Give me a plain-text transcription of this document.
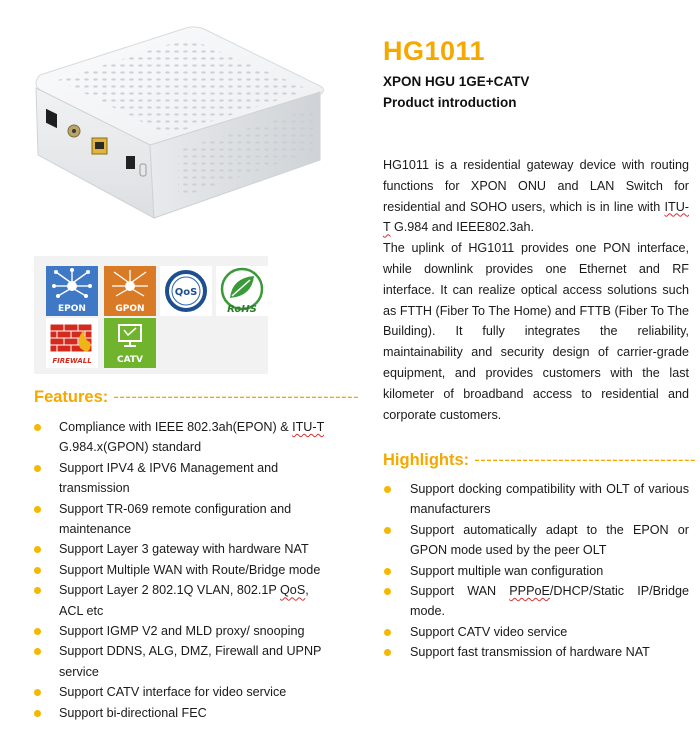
HG1011
XPON HGU 1GE+CATV
Product introduction

HG1011 is a residential gateway device with routing functions for XPON ONU and LAN Switch for residential and SOHO users, which is in line with ITU-T G.984 and IEEE802.3ah.

The uplink of HG1011 provides one PON interface, while downlink provides one Ethernet and RF interface. It can realize optical access solutions such as FTTH (Fiber To The Home) and FTTB (Fiber To The Building). It fully integrates the reliability, maintainability and security design of carrier-grade equipment, and provides customers with the last kilometer of broadband access to residential and corporate customers.

EPON	GPON
QoS
RoHS
FIREWALL	CATV
Features: -----------------------------------------
Compliance with IEEE 802.3ah(EPON) & ITU-T G.984.x(GPON) standard
Support IPV4 & IPV6 Management and transmission
Support TR-069 remote configuration and maintenance
Support Layer 3 gateway with hardware NAT
Support Multiple WAN with Route/Bridge mode
Support Layer 2 802.1Q VLAN, 802.1P QoS, ACL etc
Support IGMP V2 and MLD proxy/ snooping
Support DDNS, ALG, DMZ, Firewall and UPNP service
Support CATV interface for video service
Support bi-directional FEC
Highlights: -------------------------------------
Support docking compatibility with OLT of various manufacturers
Support automatically adapt to the EPON or GPON mode used by the peer OLT
Support multiple wan configuration
Support WAN PPPoE/DHCP/Static IP/Bridge mode.
Support CATV video service
Support fast transmission of hardware NAT
